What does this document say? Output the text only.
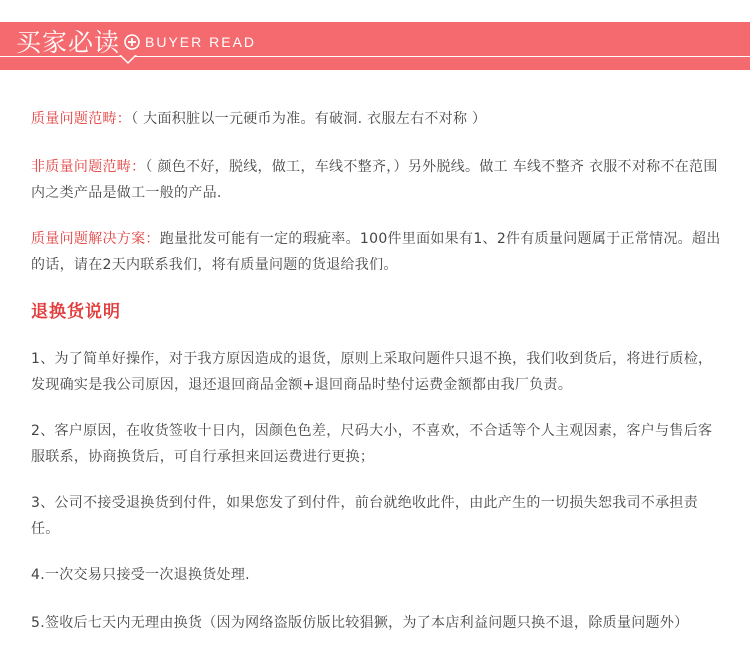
买家必读 BUYER READ
质量问题范畴：（ 大面积脏以一元硬币为准。有破洞. 衣服左右不对称 ）
非质量问题范畴：（ 颜色不好，脱线，做工，车线不整齐，）另外脱线。做工 车线不整齐 衣服不对称不在范围内之类产品是做工一般的产品.
质量问题解决方案：跑量批发可能有一定的瑕疵率。100件里面如果有1、2件有质量问题属于正常情况。超出的话，请在2天内联系我们，将有质量问题的货退给我们。
退换货说明
1、为了简单好操作，对于我方原因造成的退货，原则上采取问题件只退不换，我们收到货后，将进行质检，发现确实是我公司原因，退还退回商品金额+退回商品时垫付运费金额都由我厂负责。
2、客户原因，在收货签收十日内，因颜色色差，尺码大小，不喜欢，不合适等个人主观因素，客户与售后客服联系，协商换货后，可自行承担来回运费进行更换；
3、公司不接受退换货到付件，如果您发了到付件，前台就绝收此件，由此产生的一切损失恕我司不承担责任。
4.一次交易只接受一次退换货处理.
5.签收后七天内无理由换货（因为网络盗版仿版比较猖獗，为了本店利益问题只换不退，除质量问题外）
